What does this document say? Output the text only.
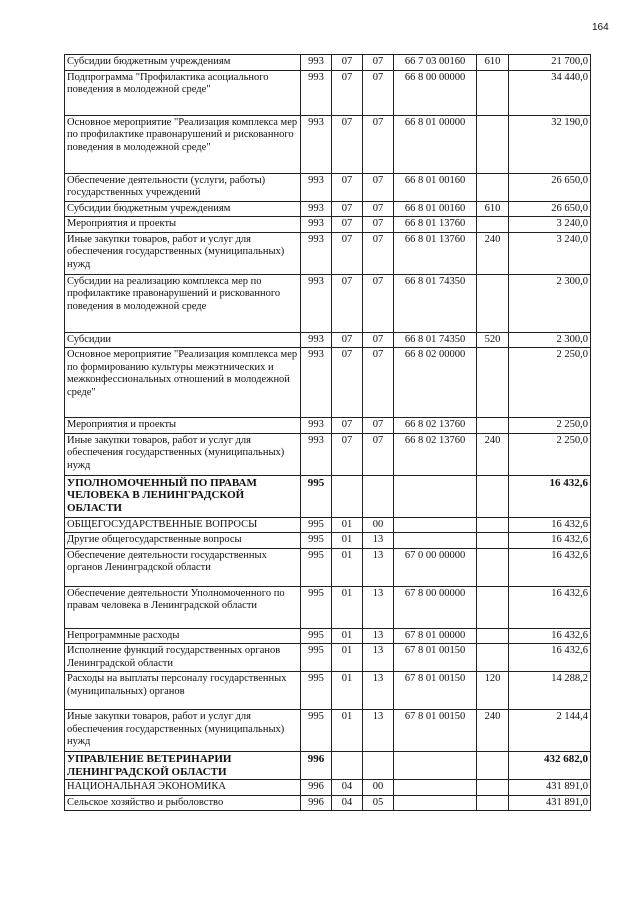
164
Субсидии бюджетным учреждениям	993	07	07	66 7 03 00160	610	21 700,0
Подпрограмма "Профилактика асоциального поведения в молодежной среде"	993	07	07	66 8 00 00000		34 440,0
Основное мероприятие "Реализация комплекса мер по профилактике правонарушений и рискованного поведения в молодежной среде"	993	07	07	66 8 01 00000		32 190,0
Обеспечение деятельности (услуги, работы) государственных учреждений	993	07	07	66 8 01 00160		26 650,0
Субсидии бюджетным учреждениям	993	07	07	66 8 01 00160	610	26 650,0
Мероприятия и проекты	993	07	07	66 8 01 13760		3 240,0
Иные закупки товаров, работ и услуг для обеспечения государственных (муниципальных) нужд	993	07	07	66 8 01 13760	240	3 240,0
Субсидии на реализацию комплекса мер по профилактике правонарушений и рискованного поведения в молодежной среде	993	07	07	66 8 01 74350		2 300,0
Субсидии	993	07	07	66 8 01 74350	520	2 300,0
Основное мероприятие "Реализация комплекса мер по формированию культуры межэтнических и межконфессиональных отношений в молодежной среде"	993	07	07	66 8 02 00000		2 250,0
Мероприятия и проекты	993	07	07	66 8 02 13760		2 250,0
Иные закупки товаров, работ и услуг для обеспечения государственных (муниципальных) нужд	993	07	07	66 8 02 13760	240	2 250,0
УПОЛНОМОЧЕННЫЙ ПО ПРАВАМ ЧЕЛОВЕКА В ЛЕНИНГРАДСКОЙ ОБЛАСТИ	995					16 432,6
ОБЩЕГОСУДАРСТВЕННЫЕ ВОПРОСЫ	995	01	00			16 432,6
Другие общегосударственные вопросы	995	01	13			16 432,6
Обеспечение деятельности государственных органов Ленинградской области	995	01	13	67 0 00 00000		16 432,6
Обеспечение деятельности Уполномоченного по правам человека в Ленинградской области	995	01	13	67 8 00 00000		16 432,6
Непрограммные расходы	995	01	13	67 8 01 00000		16 432,6
Исполнение функций государственных органов Ленинградской области	995	01	13	67 8 01 00150		16 432,6
Расходы на выплаты персоналу государственных (муниципальных) органов	995	01	13	67 8 01 00150	120	14 288,2
Иные закупки товаров, работ и услуг для обеспечения государственных (муниципальных) нужд	995	01	13	67 8 01 00150	240	2 144,4
УПРАВЛЕНИЕ ВЕТЕРИНАРИИ ЛЕНИНГРАДСКОЙ ОБЛАСТИ	996					432 682,0
НАЦИОНАЛЬНАЯ ЭКОНОМИКА	996	04	00			431 891,0
Сельское хозяйство и рыболовство	996	04	05			431 891,0
